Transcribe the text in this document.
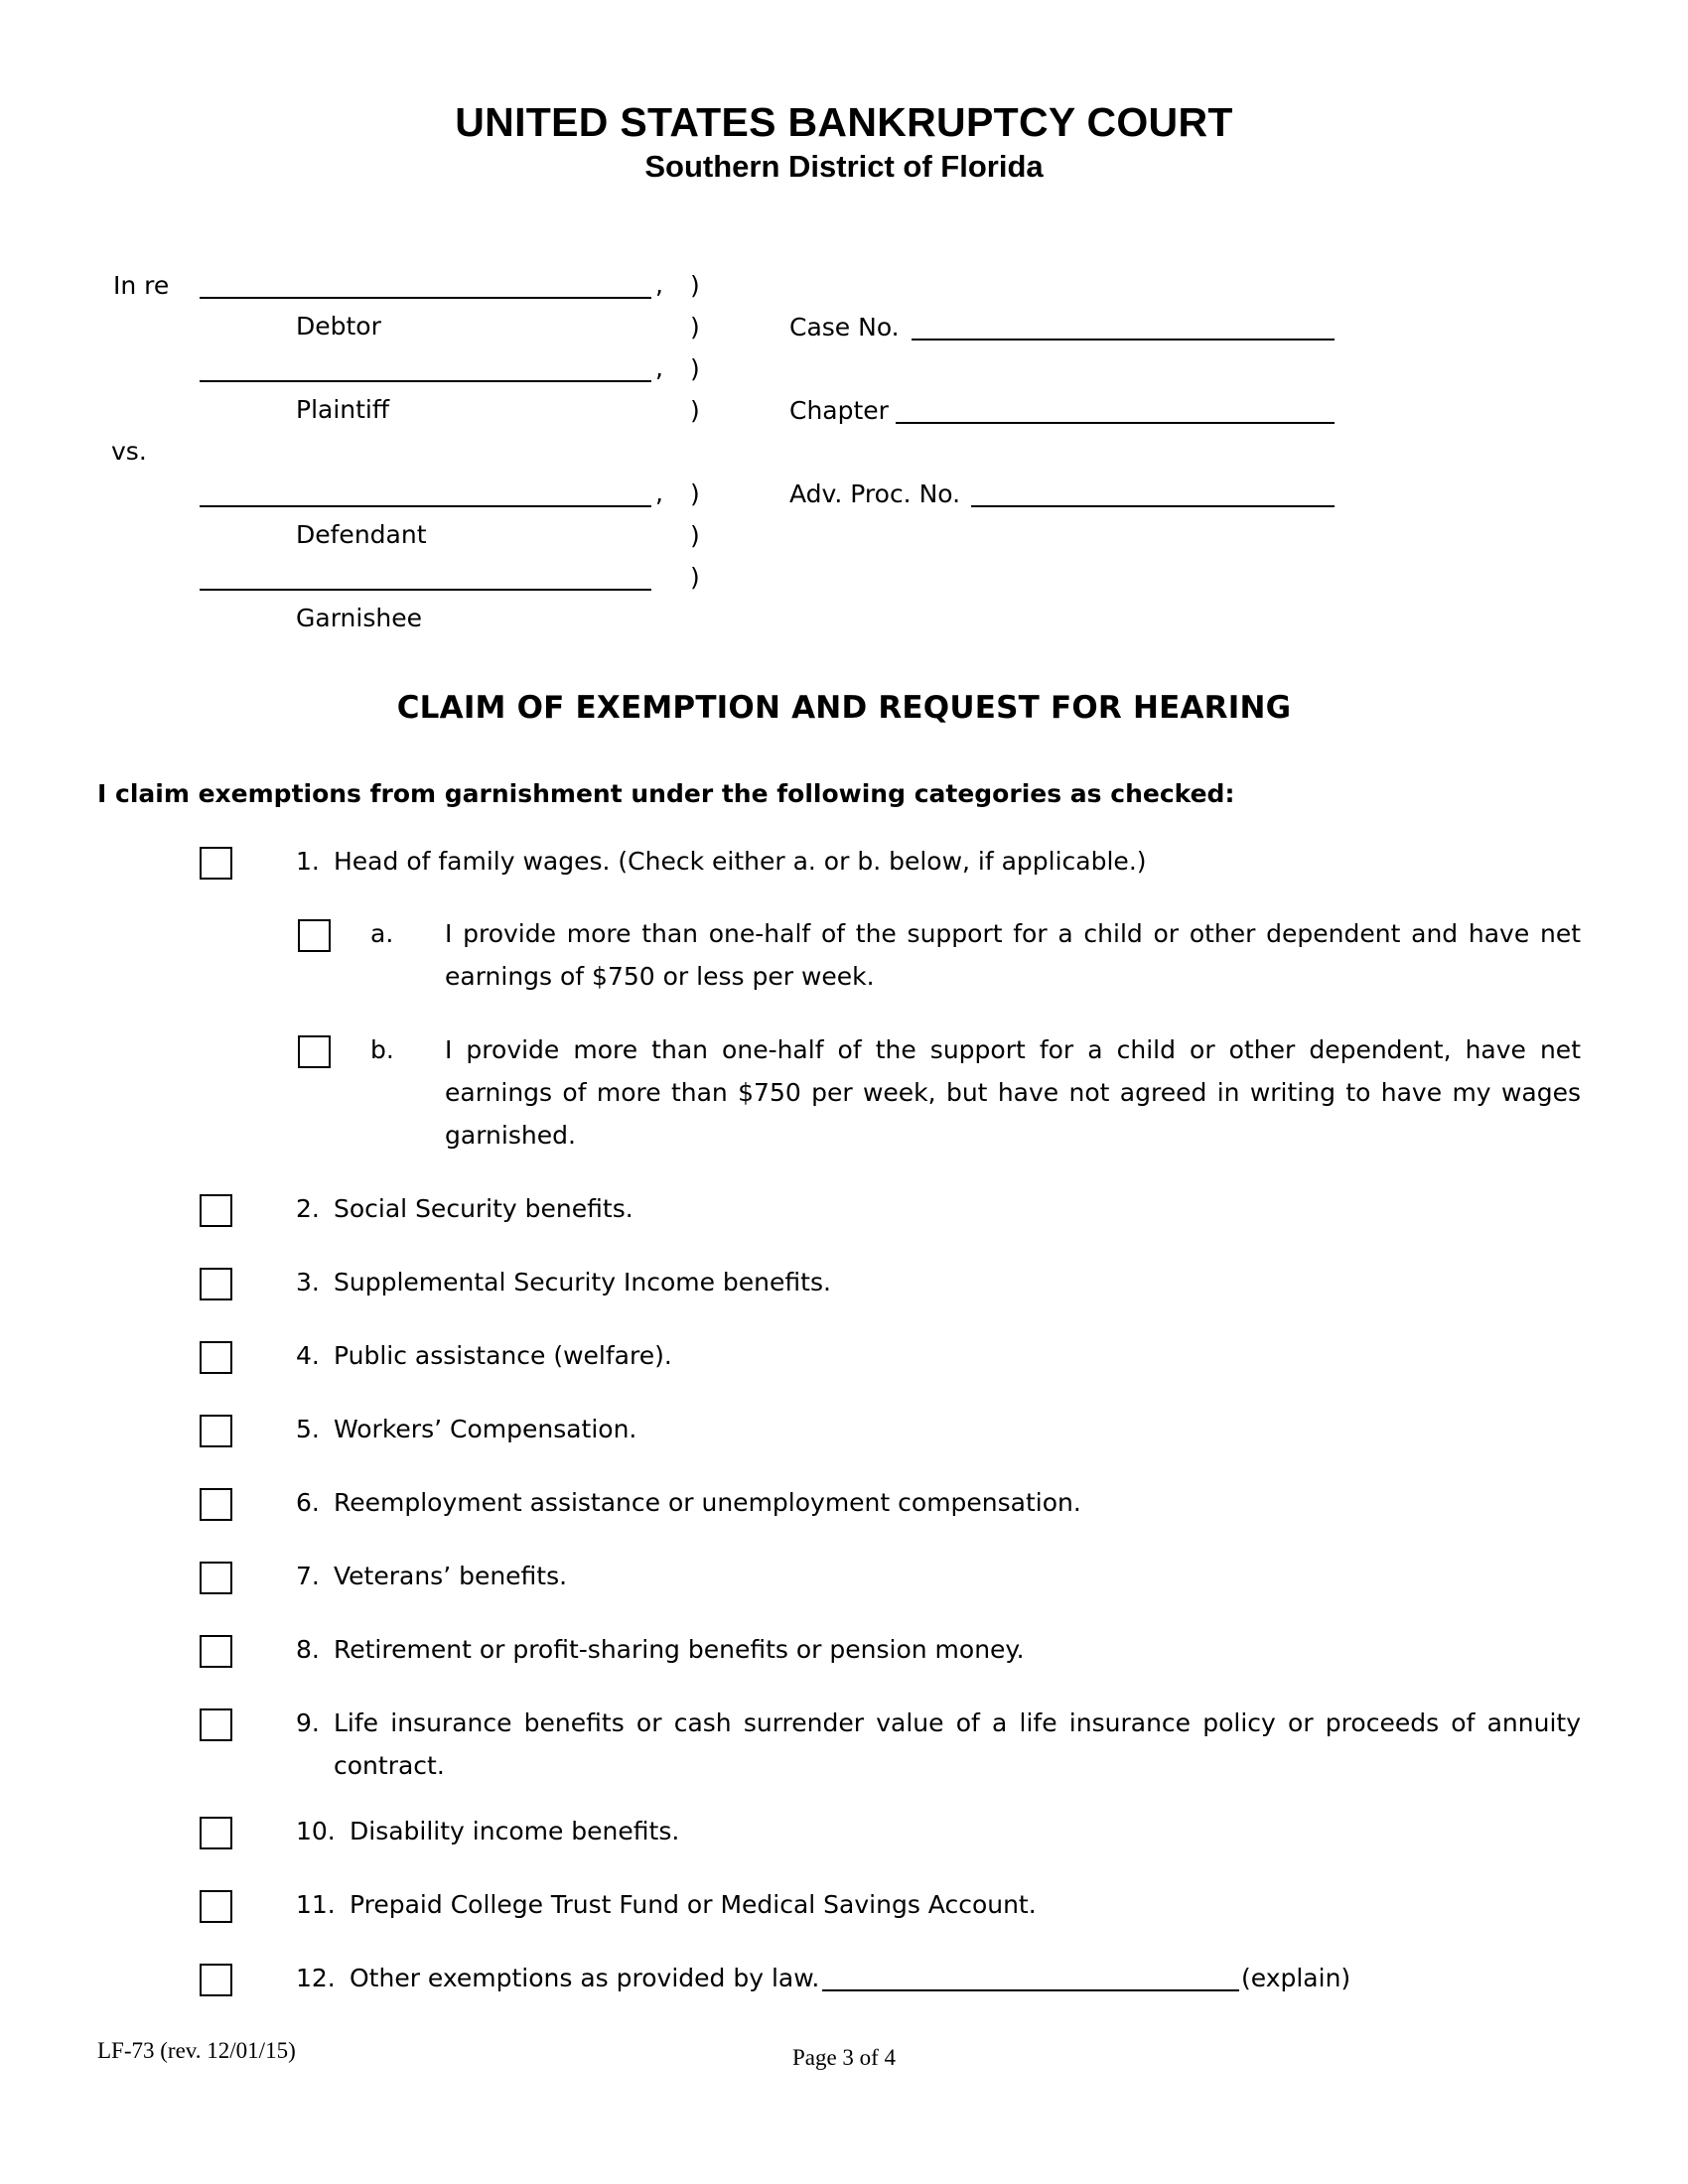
UNITED STATES BANKRUPTCY COURT
Southern District of Florida
In re	, )
Debtor	)
, )
Plaintiff	)
vs.
, )
Defendant	)
)
Garnishee
Case No.
Chapter
Adv. Proc. No.
CLAIM OF EXEMPTION AND REQUEST FOR HEARING
I claim exemptions from garnishment under the following categories as checked:
1. Head of family wages. (Check either a. or b. below, if applicable.)
a. I provide more than one-half of the support for a child or other dependent and have net earnings of $750 or less per week.
b. I provide more than one-half of the support for a child or other dependent, have net earnings of more than $750 per week, but have not agreed in writing to have my wages garnished.
2. Social Security benefits.
3. Supplemental Security Income benefits.
4. Public assistance (welfare).
5. Workers’ Compensation.
6. Reemployment assistance or unemployment compensation.
7. Veterans’ benefits.
8. Retirement or profit-sharing benefits or pension money.
9. Life insurance benefits or cash surrender value of a life insurance policy or proceeds of annuity contract.
10. Disability income benefits.
11. Prepaid College Trust Fund or Medical Savings Account.
12. Other exemptions as provided by law.	(explain)
LF-73 (rev. 12/01/15)	Page 3 of 4
